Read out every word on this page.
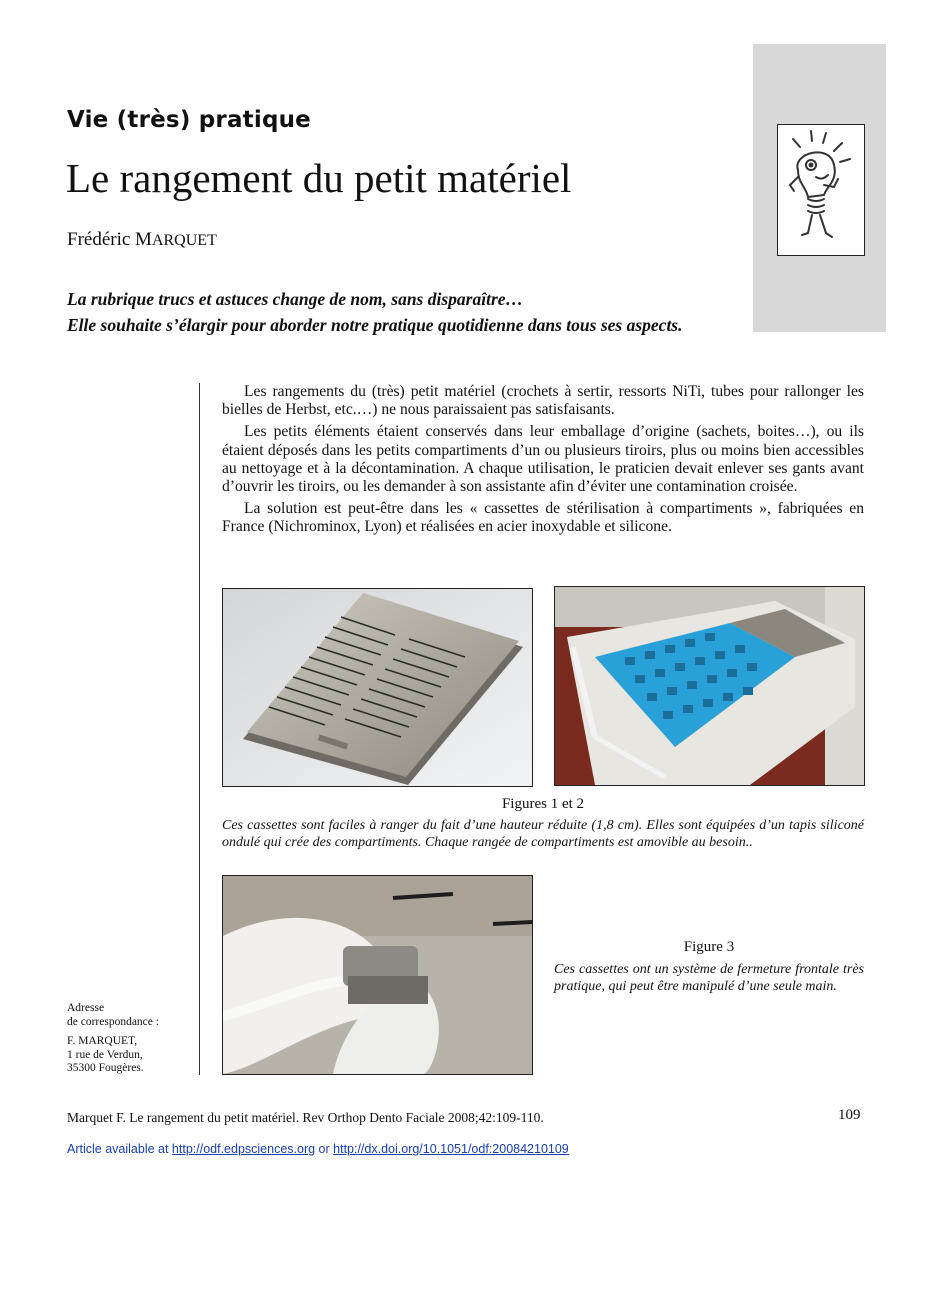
Vie (très) pratique
Le rangement du petit matériel
Frédéric MARQUET
La rubrique trucs et astuces change de nom, sans disparaître…
Elle souhaite s’élargir pour aborder notre pratique quotidienne dans tous ses aspects.

Les rangements du (très) petit matériel (crochets à sertir, ressorts NiTi, tubes pour rallonger les bielles de Herbst, etc.…) ne nous paraissaient pas satisfaisants.

Les petits éléments étaient conservés dans leur emballage d’origine (sachets, boites…), ou ils étaient déposés dans les petits compartiments d’un ou plusieurs tiroirs, plus ou moins bien accessibles au nettoyage et à la décontamination. A chaque utilisation, le praticien devait enlever ses gants avant d’ouvrir les tiroirs, ou les demander à son assistante afin d’éviter une contamination croisée.

La solution est peut-être dans les « cassettes de stérilisation à compartiments », fabriquées en France (Nichrominox, Lyon) et réalisées en acier inoxydable et silicone.

Figures 1 et 2
Ces cassettes sont faciles à ranger du fait d’une hauteur réduite (1,8 cm). Elles sont équipées d’un tapis siliconé ondulé qui crée des compartiments. Chaque rangée de compartiments est amovible au besoin..
Figure 3
Ces cassettes ont un système de fermeture frontale très pratique, qui peut être manipulé d’une seule main.
Adresse
de correspondance :
F. MARQUET,
1 rue de Verdun,
35300 Fougères.
Marquet F. Le rangement du petit matériel. Rev Orthop Dento Faciale 2008;42:109-110.	109
Article available at http://odf.edpsciences.org or http://dx.doi.org/10.1051/odf:20084210109
